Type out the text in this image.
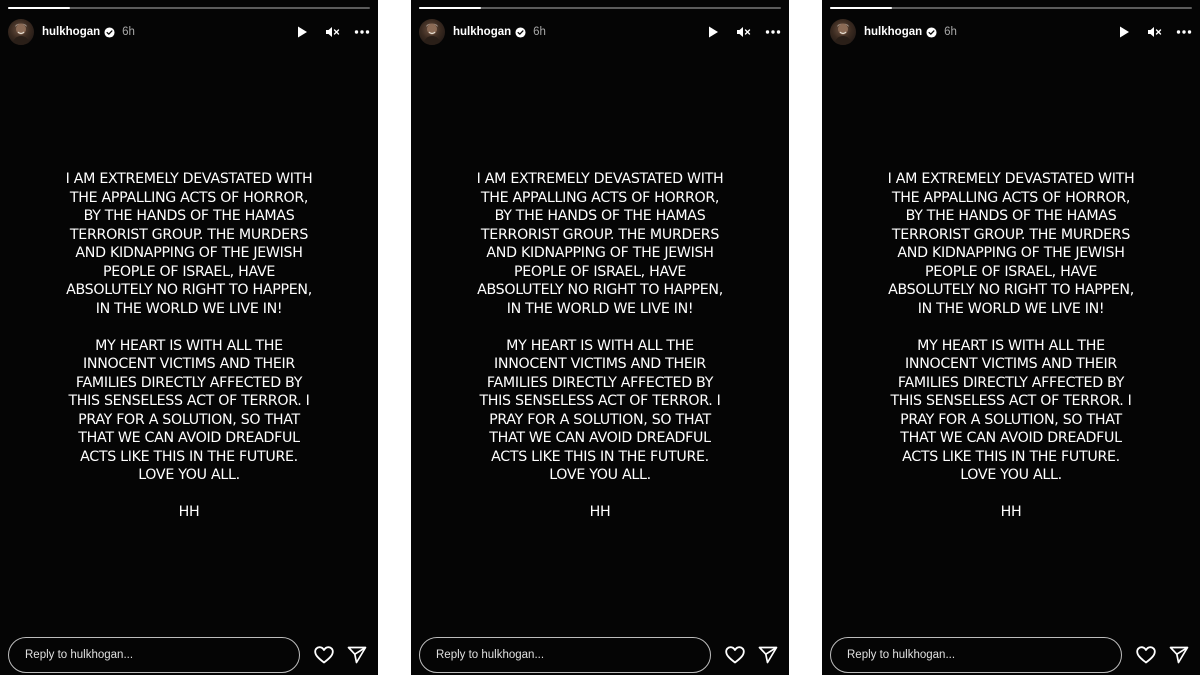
hulkhogan 6h
I AM EXTREMELY DEVASTATED WITH
THE APPALLING ACTS OF HORROR,
BY THE HANDS OF THE HAMAS
TERRORIST GROUP. THE MURDERS
AND KIDNAPPING OF THE JEWISH
PEOPLE OF ISRAEL, HAVE
ABSOLUTELY NO RIGHT TO HAPPEN,
IN THE WORLD WE LIVE IN!
MY HEART IS WITH ALL THE
INNOCENT VICTIMS AND THEIR
FAMILIES DIRECTLY AFFECTED BY
THIS SENSELESS ACT OF TERROR. I
PRAY FOR A SOLUTION, SO THAT
THAT WE CAN AVOID DREADFUL
ACTS LIKE THIS IN THE FUTURE.
LOVE YOU ALL.
HH
Reply to hulkhogan...
hulkhogan 6h
I AM EXTREMELY DEVASTATED WITH
THE APPALLING ACTS OF HORROR,
BY THE HANDS OF THE HAMAS
TERRORIST GROUP. THE MURDERS
AND KIDNAPPING OF THE JEWISH
PEOPLE OF ISRAEL, HAVE
ABSOLUTELY NO RIGHT TO HAPPEN,
IN THE WORLD WE LIVE IN!
MY HEART IS WITH ALL THE
INNOCENT VICTIMS AND THEIR
FAMILIES DIRECTLY AFFECTED BY
THIS SENSELESS ACT OF TERROR. I
PRAY FOR A SOLUTION, SO THAT
THAT WE CAN AVOID DREADFUL
ACTS LIKE THIS IN THE FUTURE.
LOVE YOU ALL.
HH
Reply to hulkhogan...
hulkhogan 6h
I AM EXTREMELY DEVASTATED WITH
THE APPALLING ACTS OF HORROR,
BY THE HANDS OF THE HAMAS
TERRORIST GROUP. THE MURDERS
AND KIDNAPPING OF THE JEWISH
PEOPLE OF ISRAEL, HAVE
ABSOLUTELY NO RIGHT TO HAPPEN,
IN THE WORLD WE LIVE IN!
MY HEART IS WITH ALL THE
INNOCENT VICTIMS AND THEIR
FAMILIES DIRECTLY AFFECTED BY
THIS SENSELESS ACT OF TERROR. I
PRAY FOR A SOLUTION, SO THAT
THAT WE CAN AVOID DREADFUL
ACTS LIKE THIS IN THE FUTURE.
LOVE YOU ALL.
HH
Reply to hulkhogan...
